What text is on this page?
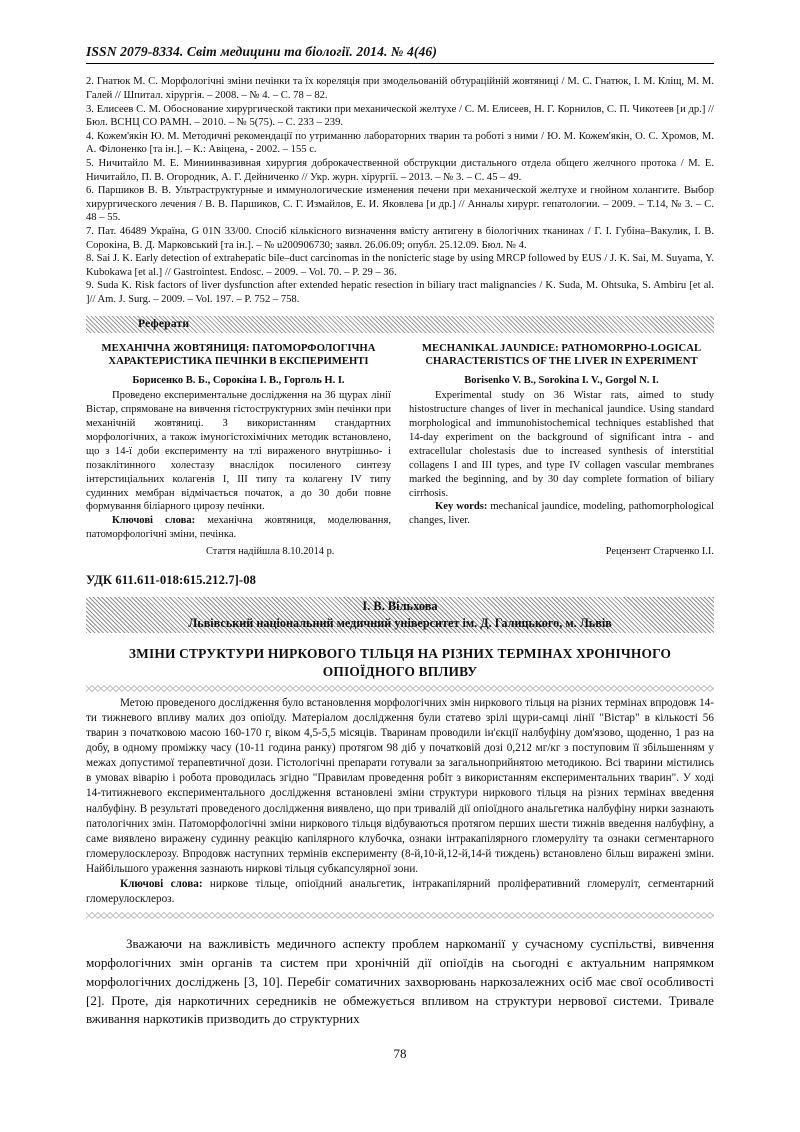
ISSN 2079-8334. Світ медицини та біології. 2014. № 4(46)

2. Гнатюк М. С. Морфологічні зміни печінки та їх кореляція при змодельованій обтураційній жовтяниці / М. С. Гнатюк, І. М. Кліщ, М. М. Галей // Шпитал. хірургія. – 2008. – № 4. – С. 78 – 82.

3. Елисеев С. М. Обоснование хирургической тактики при механической желтухе / С. М. Елисеев, Н. Г. Корнилов, С. П. Чикотеев [и др.] // Бюл. ВСНЦ СО РАМН. – 2010. – № 5(75). – С. 233 – 239.

4. Кожем'якін Ю. М. Методичні рекомендації по утриманню лабораторних тварин та роботі з ними / Ю. М. Кожем'якін, О. С. Хромов, М. А. Філоненко [та ін.]. – К.: Авіцена, - 2002. – 155 с.

5. Ничитайло М. Е. Миниинвазивная хирургия доброкачественной обструкции дистального отдела общего желчного протока / М. Е. Ничитайло, П. В. Огородник, А. Г. Дейниченко // Укр. журн. хірургії. – 2013. – № 3. – С. 45 – 49.

6. Паршиков В. В. Ультраструктурные и иммунологические изменения печени при механической желтухе и гнойном холангите. Выбор хирургического лечения / В. В. Паршиков, С. Г. Измайлов, Е. И. Яковлева [и др.] // Анналы хирург. гепатологии. – 2009. – Т.14, № 3. – С. 48 – 55.

7. Пат. 46489 Україна, G 01N 33/00. Спосіб кількісного визначення вмісту антигену в біологічних тканинах / Г. І. Губіна–Вакулик, І. В. Сорокіна, В. Д. Марковський [та ін.]. – № u200906730; заявл. 26.06.09; опубл. 25.12.09. Бюл. № 4.

8. Sai J. K. Early detection of extrahepatic bile–duct carcinomas in the nonicteric stage by using MRCP followed by EUS / J. K. Sai, M. Suyama, Y. Kubokawa [et al.] // Gastrointest. Endosc. – 2009. – Vol. 70. – P. 29 – 36.

9. Suda K. Risk factors of liver dysfunction after extended hepatic resection in biliary tract malignancies / K. Suda, M. Ohtsuka, S. Ambiru [et al. ]// Am. J. Surg. – 2009. – Vol. 197. – P. 752 – 758.

Реферати
МЕХАНІЧНА ЖОВТЯНИЦЯ: ПАТОМОРФОЛОГІЧНА ХАРАКТЕРИСТИКА ПЕЧІНКИ В ЕКСПЕРИМЕНТІ
Борисенко В. Б., Сорокіна І. В., Горголь Н. І.
Проведено експериментальне дослідження на 36 щурах лінії Вістар, спрямоване на вивчення гістоструктурних змін печінки при механічній жовтяниці. З використанням стандартних морфологічних, а також імуногістохімічних методик встановлено, що з 14-ї доби експерименту на тлі вираженого внутрішньо- і позаклітинного холестазу внаслідок посиленого синтезу інтерстиціальних колагенів I, III типу та колагену IV типу судинних мембран відмічається початок, а до 30 доби повне формування біліарного цирозу печінки.
Ключові слова: механічна жовтяниця, моделювання, патоморфологічні зміни, печінка.
MECHANIKAL JAUNDICE: PATHOMORPHO-LOGICAL CHARACTERISTICS OF THE LIVER IN EXPERIMENT
Borisenko V. B., Sorokina I. V., Gorgol N. I.
Experimental study on 36 Wistar rats, aimed to study histostructure changes of liver in mechanical jaundice. Using standard morphological and immunohistochemical techniques established that 14-day experiment on the background of significant intra - and extracellular cholestasis due to increased synthesis of interstitial collagens I and III types, and type IV collagen vascular membranes marked the beginning, and by 30 day complete formation of biliary cirrhosis.
Key words: mechanical jaundice, modeling, pathomorphological changes, liver.
Стаття надійшла 8.10.2014 р.	Рецензент Старченко І.І.
УДК 611.611-018:615.212.7]-08
І. В. Вільхова
Львівський національний медичний університет ім. Д. Галицького, м. Львів
ЗМІНИ СТРУКТУРИ НИРКОВОГО ТІЛЬЦЯ НА РІЗНИХ ТЕРМІНАХ ХРОНІЧНОГО ОПІОЇДНОГО ВПЛИВУ
Метою проведеного дослідження було встановлення морфологічних змін ниркового тільця на різних термінах впродовж 14-ти тижневого впливу малих доз опіоїду. Матеріалом дослідження були статево зрілі щури-самці лінії "Вістар" в кількості 56 тварин з початковою масою 160-170 г, віком 4,5-5,5 місяців. Тваринам проводили ін'єкції налбуфіну дом'язово, щоденно, 1 раз на добу, в одному проміжку часу (10-11 година ранку) протягом 98 діб у початковій дозі 0,212 мг/кг з поступовим її збільшенням у межах допустимої терапевтичної дози. Гістологічні препарати готували за загальноприйнятою методикою. Всі тварини містились в умовах віварію і робота проводилась згідно "Правилам проведення робіт з використанням експериментальних тварин". У ході 14-титижневого експериментального дослідження встановлені зміни структури ниркового тільця на різних термінах введення налбуфіну. В результаті проведеного дослідження виявлено, що при тривалій дії опіоїдного анальгетика налбуфіну нирки зазнають патологічних змін. Патоморфологічні зміни ниркового тільця відбуваються протягом перших шести тижнів введення налбуфіну, а саме виявлено виражену судинну реакцію капілярного клубочка, ознаки інтракапілярного гломеруліту та ознаки сегментарного гломерулосклерозу. Впродовж наступних термінів експерименту (8-й,10-й,12-й,14-й тиждень) встановлено більш виражені зміни. Найбільшого ураження зазнають ниркові тільця субкапсулярної зони.
Ключові слова: ниркове тільце, опіоїдний анальгетик, інтракапілярний проліферативний гломеруліт, сегментарний гломерулосклероз.
Зважаючи на важливість медичного аспекту проблем наркоманії у сучасному суспільстві, вивчення морфологічних змін органів та систем при хронічній дії опіоїдів на сьогодні є актуальним напрямком морфологічних досліджень [3, 10]. Перебіг соматичних захворювань наркозалежних осіб має свої особливості [2]. Проте, дія наркотичних середників не обмежується впливом на структури нервової системи. Тривале вживання наркотиків призводить до структурних
78
